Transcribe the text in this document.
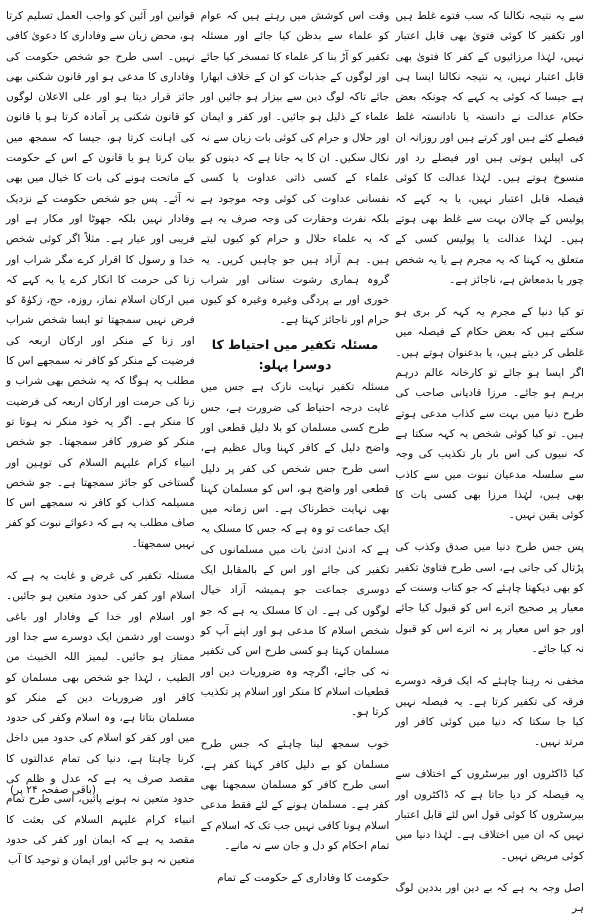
سے یہ نتیجہ نکالنا کہ سب فتوے غلط ہیں اور تکفیر کا کوئی فتویٰ بھی قابل اعتبار نہیں، لہٰذا مرزائیوں کے کفر کا فتویٰ بھی قابل اعتبار نہیں، یہ نتیجہ نکالنا ایسا ہی ہے جیسا کہ کوئی یہ کہے کہ چونکہ بعض حکام عدالت نے دانستہ یا نادانستہ غلط فیصلے کئے ہیں اور کرتے ہیں اور روزانہ ان کی اپیلیں ہوتی ہیں اور فیصلے رد اور منسوخ ہوتے ہیں۔ لہٰذا عدالت کا کوئی فیصلہ قابل اعتبار نہیں، یا یہ کہے کہ پولیس کے چالان بہت سے غلط بھی ہوتے ہیں۔ لہٰذا عدالت یا پولیس کسی کے متعلق یہ کہنا کہ یہ مجرم ہے یا یہ شخص چور یا بدمعاش ہے، ناجائز ہے۔

تو کیا دنیا کے مجرم یہ کہہ کر بری ہو سکتے ہیں کہ بعض حکام کے فیصلہ میں غلطی کر دیتے ہیں، یا بدعنوان ہوتے ہیں۔ اگر ایسا ہو جائے تو کارخانہ عالم درہم برہم ہو جائے۔ مرزا قادیانی صاحب کی طرح دنیا میں بہت سے کذاب مدعی ہوتے ہیں۔ تو کیا کوئی شخص یہ کہہ سکتا ہے کہ نبیوں کی اس بار بار تکذیب کی وجہ سے سلسلہ مدعیان نبوت میں سے کاذب بھی ہیں، لہٰذا مرزا بھی کسی بات کا کوئی یقین نہیں۔

پس جس طرح دنیا میں صدق وکذب کی پڑتال کی جاتی ہے، اسی طرح فتاویٰ تکفیر کو بھی دیکھنا چاہئے کہ جو کتاب وسنت کے معیار پر صحیح اترے اس کو قبول کیا جائے اور جو اس معیار پر نہ اترے اس کو قبول نہ کیا جائے۔

مخفی نہ رہنا چاہئے کہ ایک فرقہ دوسرے فرقہ کی تکفیر کرتا ہے۔ یہ فیصلہ نہیں کیا جا سکتا کہ دنیا میں کوئی کافر اور مرتد نہیں۔

کیا ڈاکٹروں اور بیرسٹروں کے اختلاف سے یہ فیصلہ کر دیا جاتا ہے کہ ڈاکٹروں اور بیرسٹروں کا کوئی قول اس لئے قابل اعتبار نہیں کہ ان میں اختلاف ہے۔ لہٰذا دنیا میں کوئی مریض نہیں۔

اصل وجہ یہ ہے کہ بے دین اور بددین لوگ ہر

وقت اس کوشش میں رہتے ہیں کہ عوام کو علماء سے بدظن کیا جائے اور مسئلہ تکفیر کو آڑ بنا کر علماء کا تمسخر کیا جائے اور لوگوں کے جذبات کو ان کے خلاف ابھارا جائے تاکہ لوگ دین سے بیزار ہو جائیں اور علماء کے ذلیل ہو جائیں۔ اور کفر و ایمان اور حلال و حرام کی کوئی بات زبان سے نہ نکال سکیں۔ ان کا یہ جانا ہے کہ دینوں کو علماء کے کسی ذاتی عداوت یا کسی نفسانی عداوت کی کوئی وجہ موجود ہے بلکہ نفرت وحقارت کی وجہ صرف یہ ہے کہ یہ علماء حلال و حرام کو کیوں لیتے ہیں۔ ہم آزاد ہیں جو چاہیں کریں۔ یہ گروہ ہماری رشوت ستانی اور شراب خوری اور بے پردگی وغیرہ وغیرہ کو کیوں حرام اور ناجائز کہتا ہے۔

مسئلہ تکفیر میں احتیاط کا دوسرا پہلو:

مسئلہ تکفیر نہایت نازک ہے جس میں غایت درجہ احتیاط کی ضرورت ہے، جس طرح کسی مسلمان کو بلا دلیل قطعی اور واضح دلیل کے کافر کہنا وبال عظیم ہے، اسی طرح جس شخص کی کفر پر دلیل قطعی اور واضح ہو، اس کو مسلمان کہنا بھی نہایت خطرناک ہے۔ اس زمانہ میں ایک جماعت تو وہ ہے کہ جس کا مسلک یہ ہے کہ ادنیٰ ادنیٰ بات میں مسلمانوں کی تکفیر کی جائے اور اس کے بالمقابل ایک دوسری جماعت جو ہمیشہ آزاد خیال لوگوں کی ہے۔ ان کا مسلک یہ ہے کہ جو شخص اسلام کا مدعی ہو اور اپنے آپ کو مسلمان کہتا ہو کسی طرح اس کی تکفیر نہ کی جائے، اگرچہ وہ ضروریات دین اور قطعیات اسلام کا منکر اور اسلام پر تکذیب کرتا ہو۔

خوب سمجھ لینا چاہئے کہ جس طرح مسلمان کو بے دلیل کافر کہنا کفر ہے، اسی طرح کافر کو مسلمان سمجھنا بھی کفر ہے۔ مسلمان ہونے کے لئے فقط مدعی اسلام ہونا کافی نہیں جب تک کہ اسلام کے تمام احکام کو دل و جان سے نہ مانے۔

حکومت کا وفاداری کے حکومت کے تمام

قوانین اور آئین کو واجب العمل تسلیم کرتا ہو، محض زبان سے وفاداری کا دعویٰ کافی نہیں۔ اسی طرح جو شخص حکومت کی وفاداری کا مدعی ہو اور قانون شکنی بھی جائز قرار دیتا ہو اور علی الاعلان لوگوں کو قانون شکنی پر آمادہ کرتا ہو یا قانون کی اہانت کرتا ہو، جیسا کہ سمجھ میں بیان کرتا ہو یا قانون کے اس کے حکومت کے ماتحت ہونے کی بات کا خیال میں بھی نہ آئے۔ پس جو شخص حکومت کے نزدیک وفادار نہیں بلکہ جھوٹا اور مکار ہے اور فریبی اور عیار ہے۔ مثلاً اگر کوئی شخص خدا و رسول کا اقرار کرے مگر شراب اور زنا کی حرمت کا انکار کرے یا یہ کہے کہ میں ارکان اسلام نماز، روزہ، حج، زکوٰۃ کو فرض نہیں سمجھتا تو ایسا شخص شراب اور زنا کے منکر اور ارکان اربعہ کی فرضیت کے منکر کو کافر نہ سمجھے اس کا مطلب یہ ہوگا کہ یہ شخص بھی شراب و زنا کی حرمت اور ارکان اربعہ کی فرضیت کا منکر ہے۔ اگر یہ خود منکر نہ ہوتا تو منکر کو ضرور کافر سمجھتا۔ جو شخص انبیاء کرام علیہم السلام کی توہین اور گستاخی کو جائز سمجھتا ہے۔ جو شخص مسیلمہ کذاب کو کافر نہ سمجھے اس کا صاف مطلب یہ ہے کہ دعوائے نبوت کو کفر نہیں سمجھتا۔

مسئلہ تکفیر کی غرض و غایت یہ ہے کہ اسلام اور کفر کی حدود متعین ہو جائیں۔ اور اسلام اور خدا کے وفادار اور باغی دوست اور دشمن ایک دوسرے سے جدا اور ممتاز ہو جائیں۔ لیمیز اللہ الخبیث من الطیب ، لہٰذا جو شخص بھی مسلمان کو کافر اور ضروریات دین کے منکر کو مسلمان بتاتا ہے، وہ اسلام وکفر کی حدود میں اور کفر کو اسلام کی حدود میں داخل کرنا چاہتا ہے، دنیا کی تمام عدالتوں کا مقصد صرف یہ ہے کہ عدل و ظلم کی حدود متعین نہ ہونے پائیں، اسی طرح تمام انبیاء کرام علیہم السلام کی بعثت کا مقصد یہ ہے کہ ایمان اور کفر کی حدود متعین نہ ہو جائیں اور ایمان و توحید کا آب

(باقی صفحہ ۲۴ پر)
